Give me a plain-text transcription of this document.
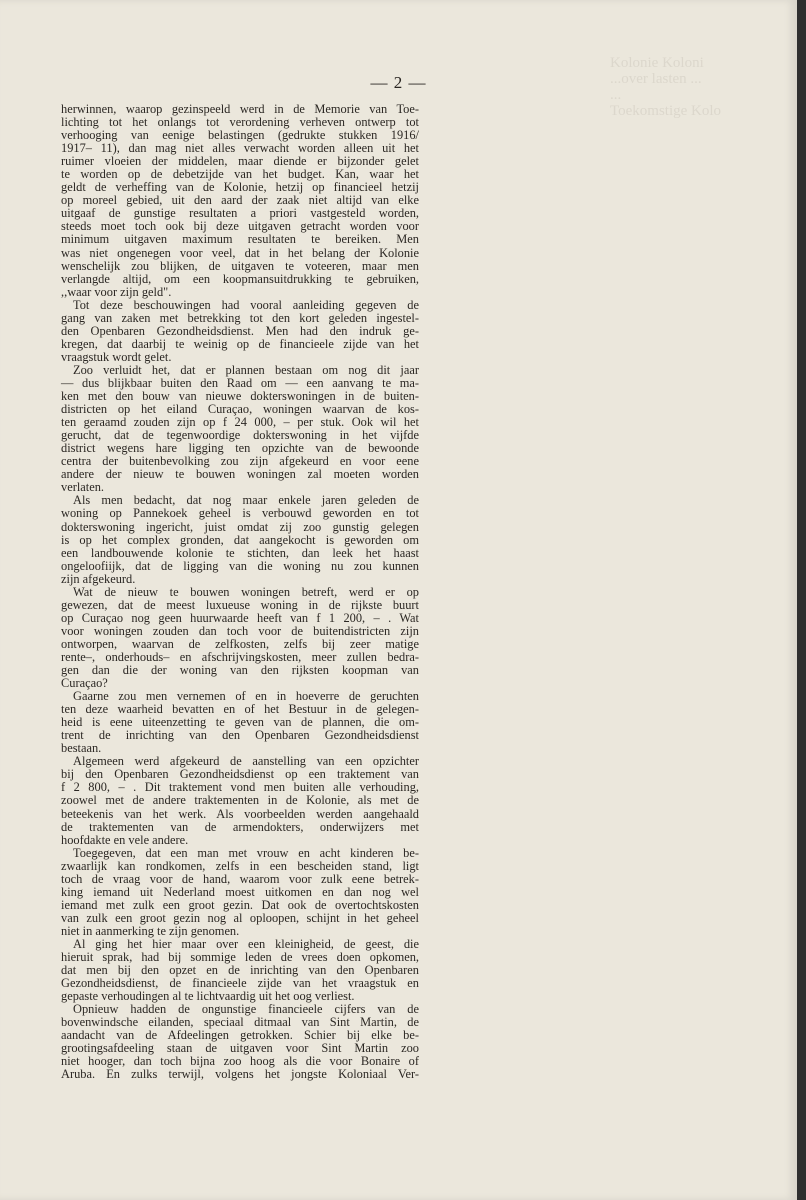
Kolonie Koloni
...over lasten ...
...
Toekomstige Kolo
— 2 —
herwinnen, waarop gezinspeeld werd in de Memorie van Toe-
lichting tot het onlangs tot verordening verheven ontwerp tot
verhooging van eenige belastingen (gedrukte stukken 1916/
1917– 11), dan mag niet alles verwacht worden alleen uit het
ruimer vloeien der middelen, maar diende er bijzonder gelet
te worden op de debetzijde van het budget. Kan, waar het
geldt de verheffing van de Kolonie, hetzij op financieel hetzij
op moreel gebied, uit den aard der zaak niet altijd van elke
uitgaaf de gunstige resultaten a priori vastgesteld worden,
steeds moet toch ook bij deze uitgaven getracht worden voor
minimum uitgaven maximum resultaten te bereiken. Men
was niet ongenegen voor veel, dat in het belang der Kolonie
wenschelijk zou blijken, de uitgaven te voteeren, maar men
verlangde altijd, om een koopmansuitdrukking te gebruiken,
,,waar voor zijn geld".
Tot deze beschouwingen had vooral aanleiding gegeven de
gang van zaken met betrekking tot den kort geleden ingestel-
den Openbaren Gezondheidsdienst. Men had den indruk ge-
kregen, dat daarbij te weinig op de financieele zijde van het
vraagstuk wordt gelet.
Zoo verluidt het, dat er plannen bestaan om nog dit jaar
— dus blijkbaar buiten den Raad om — een aanvang te ma-
ken met den bouw van nieuwe dokterswoningen in de buiten-
districten op het eiland Curaçao, woningen waarvan de kos-
ten geraamd zouden zijn op f 24 000, – per stuk. Ook wil het
gerucht, dat de tegenwoordige dokterswoning in het vijfde
district wegens hare ligging ten opzichte van de bewoonde
centra der buitenbevolking zou zijn afgekeurd en voor eene
andere der nieuw te bouwen woningen zal moeten worden
verlaten.
Als men bedacht, dat nog maar enkele jaren geleden de
woning op Pannekoek geheel is verbouwd geworden en tot
dokterswoning ingericht, juist omdat zij zoo gunstig gelegen
is op het complex gronden, dat aangekocht is geworden om
een landbouwende kolonie te stichten, dan leek het haast
ongeloofiijk, dat de ligging van die woning nu zou kunnen
zijn afgekeurd.
Wat de nieuw te bouwen woningen betreft, werd er op
gewezen, dat de meest luxueuse woning in de rijkste buurt
op Curaçao nog geen huurwaarde heeft van f 1 200, – . Wat
voor woningen zouden dan toch voor de buitendistricten zijn
ontworpen, waarvan de zelfkosten, zelfs bij zeer matige
rente–, onderhouds– en afschrijvingskosten, meer zullen bedra-
gen dan die der woning van den rijksten koopman van
Curaçao?
Gaarne zou men vernemen of en in hoeverre de geruchten
ten deze waarheid bevatten en of het Bestuur in de gelegen-
heid is eene uiteenzetting te geven van de plannen, die om-
trent de inrichting van den Openbaren Gezondheidsdienst
bestaan.
Algemeen werd afgekeurd de aanstelling van een opzichter
bij den Openbaren Gezondheidsdienst op een traktement van
f 2 800, – . Dit traktement vond men buiten alle verhouding,
zoowel met de andere traktementen in de Kolonie, als met de
beteekenis van het werk. Als voorbeelden werden aangehaald
de traktementen van de armendokters, onderwijzers met
hoofdakte en vele andere.
Toegegeven, dat een man met vrouw en acht kinderen be-
zwaarlijk kan rondkomen, zelfs in een bescheiden stand, ligt
toch de vraag voor de hand, waarom voor zulk eene betrek-
king iemand uit Nederland moest uitkomen en dan nog wel
iemand met zulk een groot gezin. Dat ook de overtochtskosten
van zulk een groot gezin nog al oploopen, schijnt in het geheel
niet in aanmerking te zijn genomen.
Al ging het hier maar over een kleinigheid, de geest, die
hieruit sprak, had bij sommige leden de vrees doen opkomen,
dat men bij den opzet en de inrichting van den Openbaren
Gezondheidsdienst, de financieele zijde van het vraagstuk en
gepaste verhoudingen al te lichtvaardig uit het oog verliest.
Opnieuw hadden de ongunstige financieele cijfers van de
bovenwindsche eilanden, speciaal ditmaal van Sint Martin, de
aandacht van de Afdeelingen getrokken. Schier bij elke be-
grootingsafdeeling staan de uitgaven voor Sint Martin zoo
niet hooger, dan toch bijna zoo hoog als die voor Bonaire of
Aruba. En zulks terwijl, volgens het jongste Koloniaal Ver-
